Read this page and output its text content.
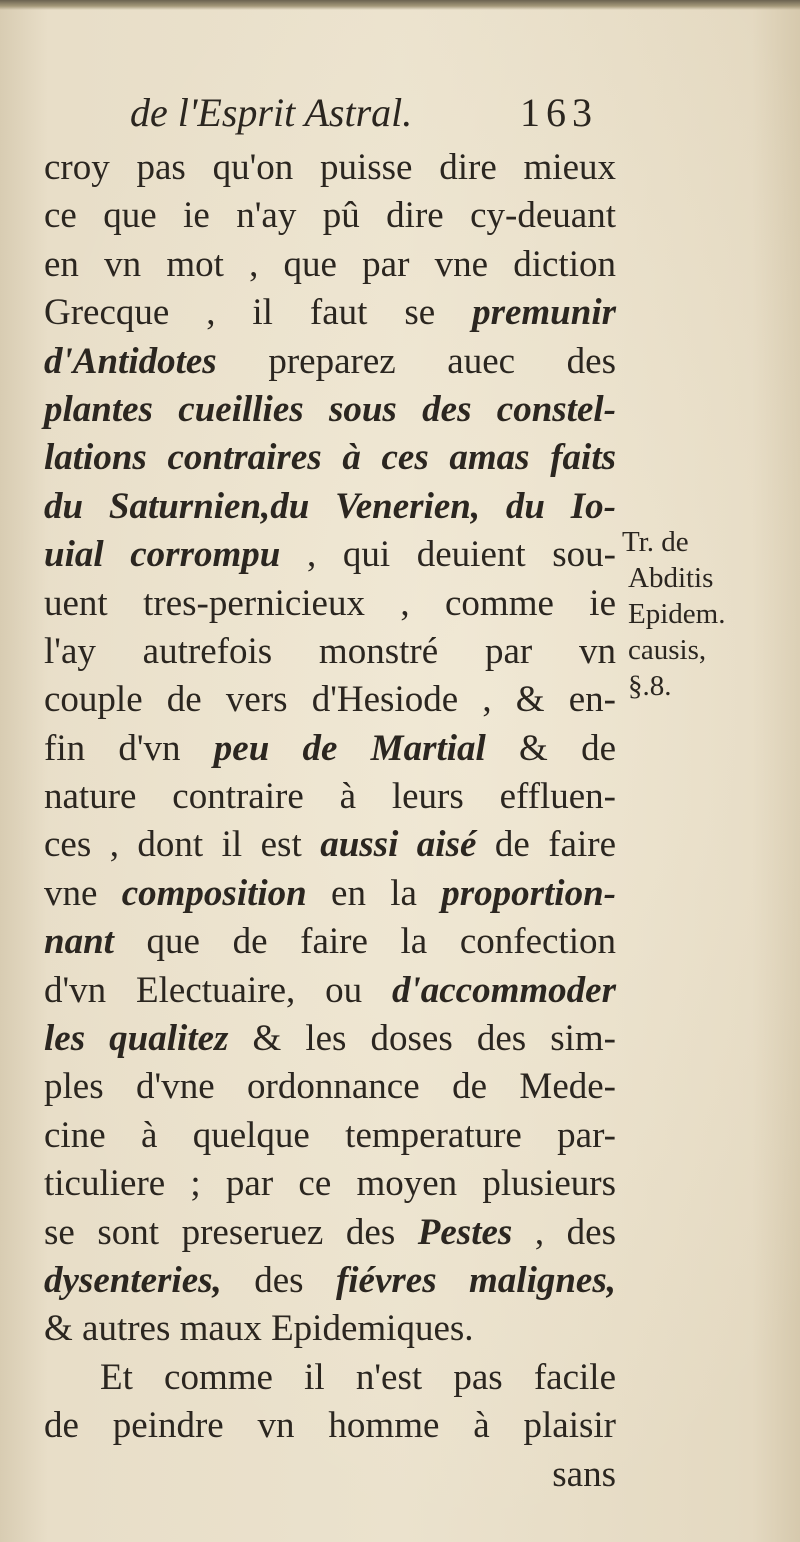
de l'Esprit Astral.	163
croy pas qu'on puisse dire mieux
ce que ie n'ay pû dire cy-deuant
en vn mot , que par vne diction
Grecque , il faut se premunir
d'Antidotes preparez auec des
plantes cueillies sous des constel-
lations contraires à ces amas faits
du Saturnien,du Venerien, du Io-
uial corrompu , qui deuient sou-
uent tres-pernicieux , comme ie
l'ay autrefois monstré par vn
couple de vers d'Hesiode , & en-
fin d'vn peu de Martial & de
nature contraire à leurs effluen-
ces , dont il est aussi aisé de faire
vne composition en la proportion-
nant que de faire la confection
d'vn Electuaire, ou d'accommoder
les qualitez & les doses des sim-
ples d'vne ordonnance de Mede-
cine à quelque temperature par-
ticuliere ; par ce moyen plusieurs
se sont preseruez des Pestes , des
dysenteries, des fiévres malignes,
& autres maux Epidemiques.
Et comme il n'est pas facile
de peindre vn homme à plaisir
sans
Tr. de
Abditis
Epidem.
causis,
§.8.
